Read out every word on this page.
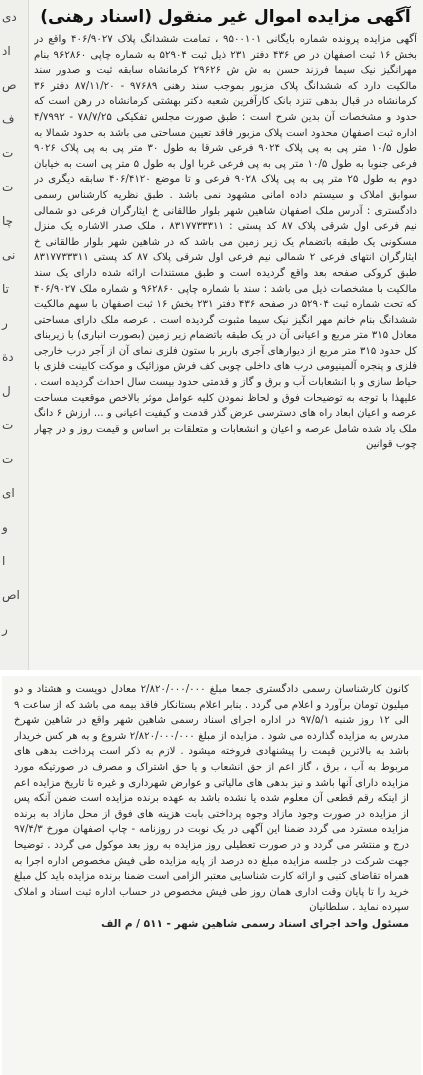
دی
اد
ص
ف
ت
ت
چا
نی
تا
ر
دة
ل
ت
ت
ای
و
ا
اص
ر

آگهی مزایده اموال غیر منقول (اسناد رهنی)

آگهی مزایده پرونده شماره بایگانی ۹۵۰۰۱۰۱ ، تمامت ششدانگ پلاک ۴۰۶/۹۰۲۷ واقع در بخش ۱۶ ثبت اصفهان در ص ۴۳۶ دفتر ۲۳۱ ذیل ثبت ۵۲۹۰۴ به شماره چاپی ۹۶۲۸۶۰ بنام مهرانگیز نیک سیما فرزند حسن به ش ش ۲۹۶۲۶ کرمانشاه سابقه ثبت و صدور سند مالکیت دارد که ششدانگ پلاک مزبور بموجب سند رهنی ۹۷۶۸۹ - ۸۷/۱۱/۲۰ دفتر ۳۶ کرمانشاه در قبال بدهی تنزد بانک کارآفرین شعبه دکتر بهشتی کرمانشاه در رهن است که حدود و مشخصات آن بدین شرح است : طبق صورت مجلس تفکیکی ۷۸/۷/۲۵ - ۴/۷۹۹۲ اداره ثبت اصفهان محدود است پلاک مزبور فاقد تعیین مساحتی می باشد به حدود شمالا به طول ۱۰/۵ متر پی به پی پلاک ۹۰۲۴ فرعی شرقا به طول ۳۰ متر پی به پی پلاک ۹۰۲۶ فرعی جنوبا به طول ۱۰/۵ متر پی به پی فرعی غربا اول به طول ۵ متر پی است به خیابان دوم به طول ۲۵ متر پی به پی پلاک ۹۰۲۸ فرعی و تا موضع ۴۰۶/۴۱۲۰ سابقه دیگری در سوابق املاک و سیستم داده امانی مشهود نمی باشد . طبق نظریه کارشناس رسمی دادگستری : آدرس ملک اصفهان شاهین شهر بلوار طالقانی خ ایثارگران فرعی دو شمالی نیم فرعی اول شرقی پلاک ۸۷ کد پستی : ۸۳۱۷۷۳۳۳۱۱ ، ملک صدر الاشاره یک منزل مسکونی یک طبقه باتضمام یک زیر زمین می باشد که در شاهین شهر بلوار طالقانی خ ایثارگران انتهای فرعی ۲ شمالی نیم فرعی اول شرقی پلاک ۸۷ کد پستی ۸۳۱۷۷۳۳۳۱۱ طبق کروکی صفحه بعد واقع گردیده است و طبق مستندات ارائه شده دارای یک سند مالکیت با مشخصات ذیل می باشد : سند با شماره چاپی ۹۶۲۸۶۰ و شماره ملک ۴۰۶/۹۰۲۷ که تحت شماره ثبت ۵۲۹۰۴ در صفحه ۴۳۶ دفتر ۲۳۱ بخش ۱۶ ثبت اصفهان با سهم مالکیت ششدانگ بنام خانم مهر انگیز نیک سیما مثبوت گردیده است . عرصه ملک دارای مساحتی معادل ۳۱۵ متر مربع و اعیانی آن در یک طبقه باتضمام زیر زمین (بصورت انباری) با زیربنای کل حدود ۳۱۵ متر مربع از دیوارهای آجری باربر با ستون فلزی نمای آن از آجر درب خارجی فلزی و پنجره آلمینیومی درب های داخلی چوبی کف فرش موزائیک و موکت کابینت فلزی با حیاط سازی و با انشعابات آب و برق و گاز و قدمتی حدود بیست سال احداث گردیده است . علیهذا با توجه به توضیحات فوق و لحاظ نمودن کلیه عوامل موثر بالاخص موقعیت مساحت عرصه و اعیان ابعاد راه های دسترسی عرض گذر قدمت و کیفیت اعیانی و ... ارزش ۶ دانگ ملک یاد شده شامل عرصه و اعیان و انشعابات و متعلقات بر اساس و قیمت روز و در چهار چوب قوانین

کانون کارشناسان رسمی دادگستری جمعا مبلغ ۲/۸۲۰/۰۰۰/۰۰۰ معادل دویست و هشتاد و دو میلیون تومان برآورد و اعلام می گردد . بنابر اعلام بستانکار فاقد بیمه می باشد که از ساعت ۹ الی ۱۲ روز شنبه ۹۷/۵/۱ در اداره اجرای اسناد رسمی شاهین شهر واقع در شاهین شهرخ مدرس به مزایده گذارده می شود . مزایده از مبلغ ۲/۸۲۰/۰۰۰/۰۰۰ شروع و به هر کس خریدار باشد به بالاترین قیمت را پیشنهادی فروخته میشود . لازم به ذکر است پرداخت بدهی های مربوط به آب ، برق ، گاز اعم از حق انشعاب و یا حق اشتراک و مصرف در صورتیکه مورد مزایده دارای آنها باشد و نیز بدهی های مالیاتی و عوارض شهرداری و غیره تا تاریخ مزایده اعم از اینکه رقم قطعی آن معلوم شده یا نشده باشد به عهده برنده مزایده است ضمن آنکه پس از مزایده در صورت وجود مازاد وجوه پرداختی بابت هزینه های فوق از محل مازاد به برنده مزایده مسترد می گردد ضمنا این آگهی در یک نوبت در روزنامه - چاپ اصفهان مورخ ۹۷/۴/۳ درج و منتشر می گردد و در صورت تعطیلی روز مزایده به روز بعد موکول می گردد . توضیحا جهت شرکت در جلسه مزایده مبلغ ده درصد از پایه مزایده طی فیش مخصوص اداره اجرا به همراه تقاضای کتبی و ارائه کارت شناسایی معتبر الزامی است ضمنا برنده مزایده باید کل مبلغ خرید را تا پایان وقت اداری همان روز طی فیش مخصوص در حساب اداره ثبت اسناد و املاک سپرده نماید . سلطانیان

مسئول واحد اجرای اسناد رسمی شاهین شهر - ۵۱۱ / م الف
